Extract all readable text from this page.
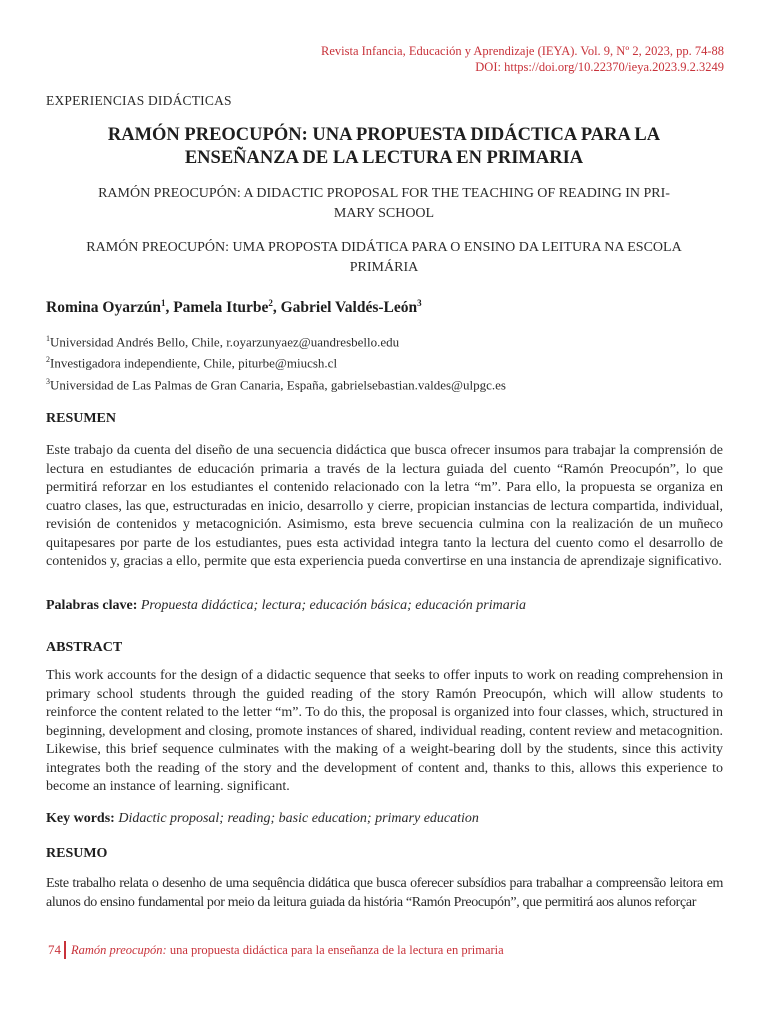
Revista Infancia, Educación y Aprendizaje (IEYA). Vol. 9, Nº 2, 2023, pp. 74-88
DOI: https://doi.org/10.22370/ieya.2023.9.2.3249
EXPERIENCIAS DIDÁCTICAS
RAMÓN PREOCUPÓN: UNA PROPUESTA DIDÁCTICA PARA LA
ENSEÑANZA DE LA LECTURA EN PRIMARIA
RAMÓN PREOCUPÓN: A DIDACTIC PROPOSAL FOR THE TEACHING OF READING IN PRI-
MARY SCHOOL
RAMÓN PREOCUPÓN: UMA PROPOSTA DIDÁTICA PARA O ENSINO DA LEITURA NA ESCOLA
PRIMÁRIA
Romina Oyarzún$^1$, Pamela Iturbe$^2$, Gabriel Valdés-León$^3$
$^1$Universidad Andrés Bello, Chile, r.oyarzunyaez@uandresbello.edu
$^2$Investigadora independiente, Chile, piturbe@miucsh.cl
$^3$Universidad de Las Palmas de Gran Canaria, España, gabrielsebastian.valdes@ulpgc.es
RESUMEN
Este trabajo da cuenta del diseño de una secuencia didáctica que busca ofrecer insumos para trabajar la comprensión de lectura en estudiantes de educación primaria a través de la lectura guiada del cuento “Ramón Preocupón”, lo que permitirá reforzar en los estudiantes el contenido relacionado con la letra “m”. Para ello, la propuesta se organiza en cuatro clases, las que, estructuradas en inicio, desarrollo y cierre, propician instancias de lectura compartida, individual, revisión de contenidos y metacognición. Asimismo, esta breve secuencia culmina con la realización de un muñeco quitapesares por parte de los estudiantes, pues esta actividad integra tanto la lectura del cuento como el desarrollo de contenidos y, gracias a ello, permite que esta experiencia pueda convertirse en una instancia de aprendizaje significativo.
Palabras clave: Propuesta didáctica; lectura; educación básica; educación primaria
ABSTRACT
This work accounts for the design of a didactic sequence that seeks to offer inputs to work on reading comprehension in primary school students through the guided reading of the story Ramón Preocupón, which will allow students to reinforce the content related to the letter “m”. To do this, the proposal is organized into four classes, which, structured in beginning, development and closing, promote instances of shared, individual reading, content review and metacognition. Likewise, this brief sequence culminates with the making of a weight-bearing doll by the students, since this activity integrates both the reading of the story and the development of content and, thanks to this, allows this experience to become an instance of learning. significant.
Key words: Didactic proposal; reading; basic education; primary education
RESUMO
Este trabalho relata o desenho de uma sequência didática que busca oferecer subsídios para trabalhar a compreensão leitora em alunos do ensino fundamental por meio da leitura guiada da história “Ramón Preocupón”, que permitirá aos alunos reforçar
74 Ramón preocupón:
una propuesta didáctica para la enseñanza de la lectura en primaria
